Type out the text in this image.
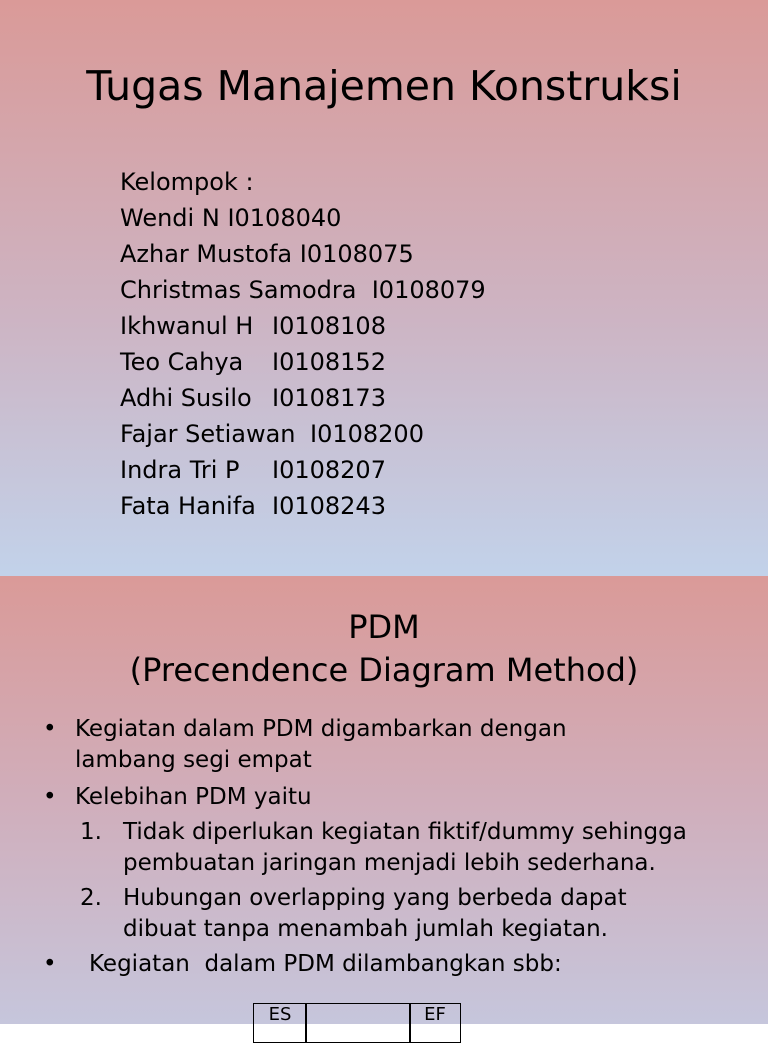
Tugas Manajemen Konstruksi
Kelompok :
Wendi N I0108040
Azhar Mustofa I0108075
Christmas Samodra I0108079
Ikhwanul H I0108108
Teo Cahya I0108152
Adhi Susilo I0108173
Fajar Setiawan I0108200
Indra Tri P I0108207
Fata Hanifa I0108243
PDM
(Precendence Diagram Method)
• Kegiatan dalam PDM digambarkan dengan lambang segi empat
• Kelebihan PDM yaitu
1. Tidak diperlukan kegiatan fiktif/dummy sehingga pembuatan jaringan menjadi lebih sederhana.
2. Hubungan overlapping yang berbeda dapat dibuat tanpa menambah jumlah kegiatan.
• Kegiatan  dalam PDM dilambangkan sbb:
ES	EF
